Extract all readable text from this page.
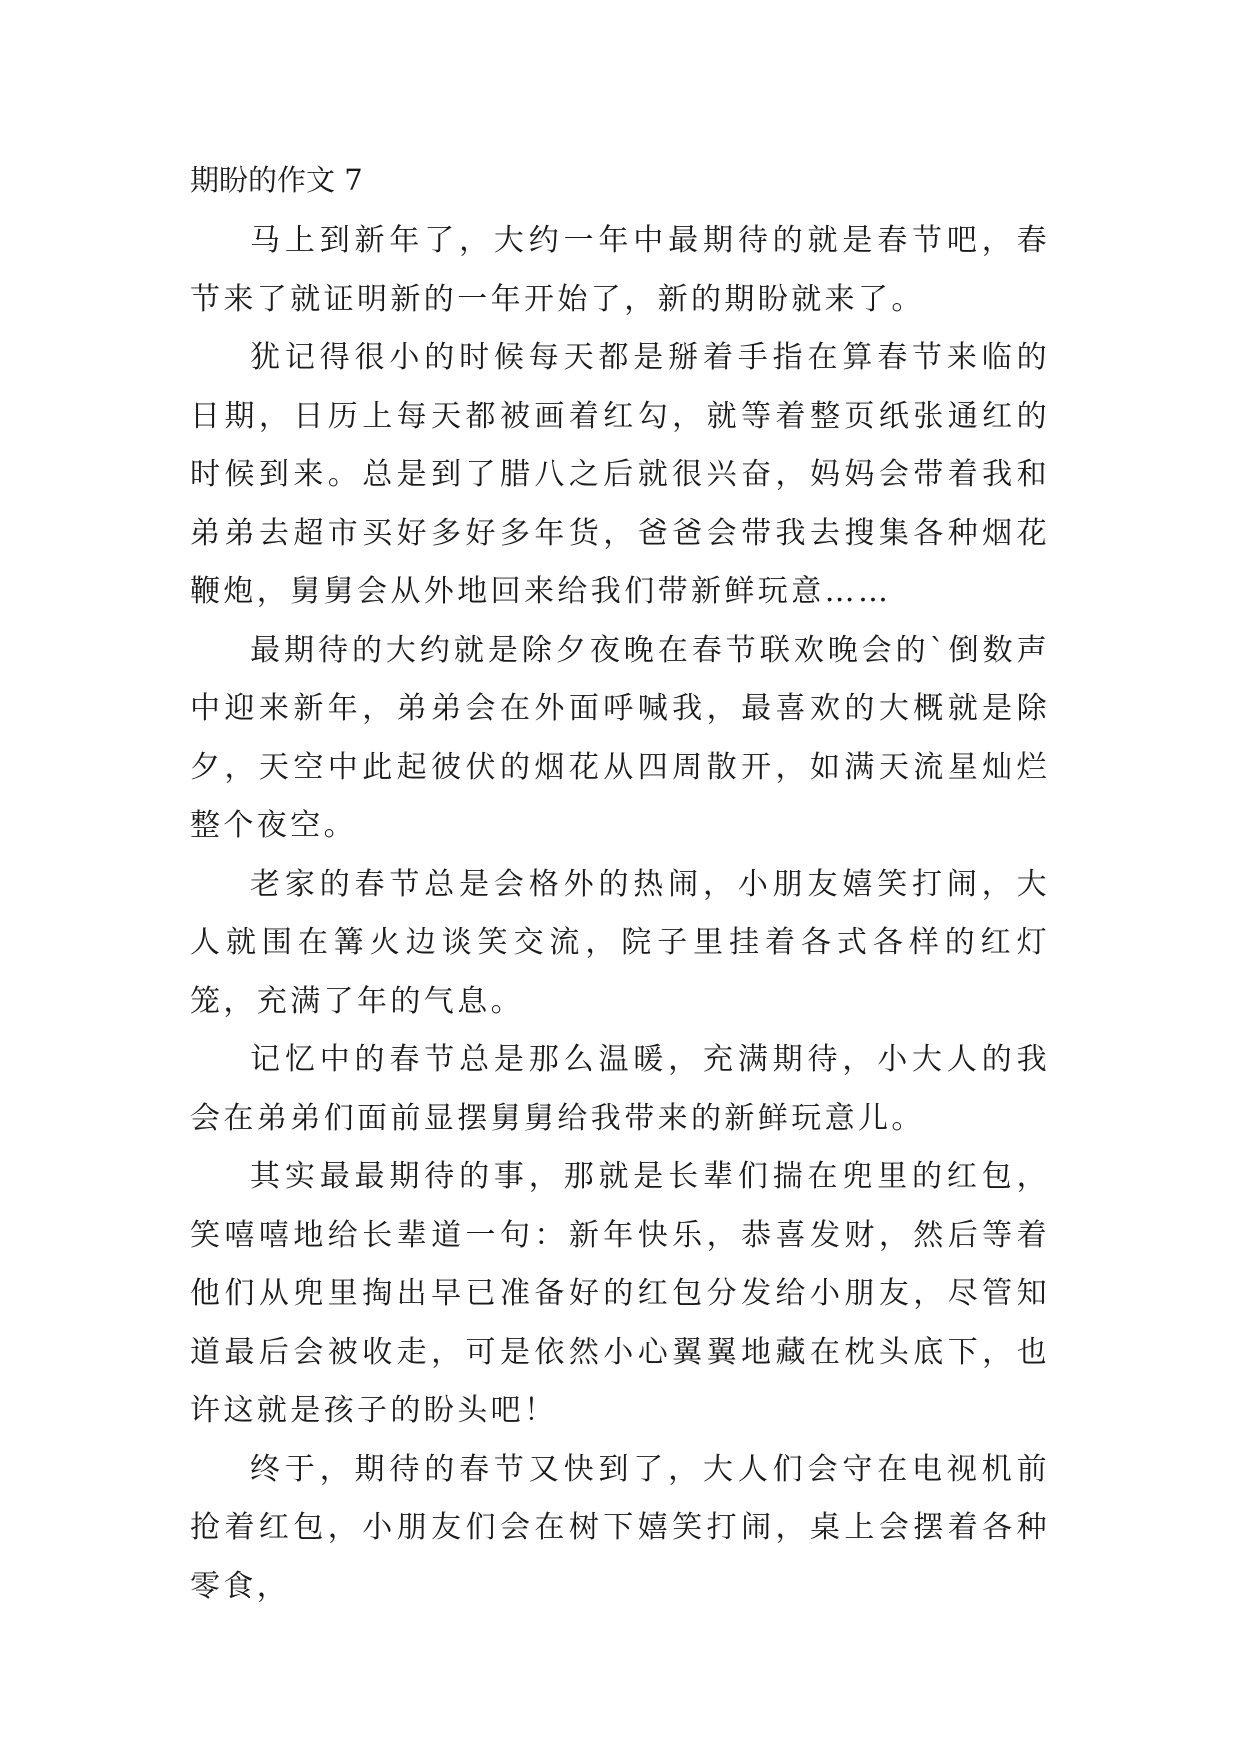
期盼的作文 7

马上到新年了，大约一年中最期待的就是春节吧，春节来了就证明新的一年开始了，新的期盼就来了。

犹记得很小的时候每天都是掰着手指在算春节来临的日期，日历上每天都被画着红勾，就等着整页纸张通红的时候到来。总是到了腊八之后就很兴奋，妈妈会带着我和弟弟去超市买好多好多年货，爸爸会带我去搜集各种烟花鞭炮，舅舅会从外地回来给我们带新鲜玩意……

最期待的大约就是除夕夜晚在春节联欢晚会的`倒数声中迎来新年，弟弟会在外面呼喊我，最喜欢的大概就是除夕，天空中此起彼伏的烟花从四周散开，如满天流星灿烂整个夜空。

老家的春节总是会格外的热闹，小朋友嬉笑打闹，大人就围在篝火边谈笑交流，院子里挂着各式各样的红灯笼，充满了年的气息。

记忆中的春节总是那么温暖，充满期待，小大人的我会在弟弟们面前显摆舅舅给我带来的新鲜玩意儿。

其实最最期待的事，那就是长辈们揣在兜里的红包，笑嘻嘻地给长辈道一句：新年快乐，恭喜发财，然后等着他们从兜里掏出早已准备好的红包分发给小朋友，尽管知道最后会被收走，可是依然小心翼翼地藏在枕头底下，也许这就是孩子的盼头吧！

终于，期待的春节又快到了，大人们会守在电视机前抢着红包，小朋友们会在树下嬉笑打闹，桌上会摆着各种零食，
